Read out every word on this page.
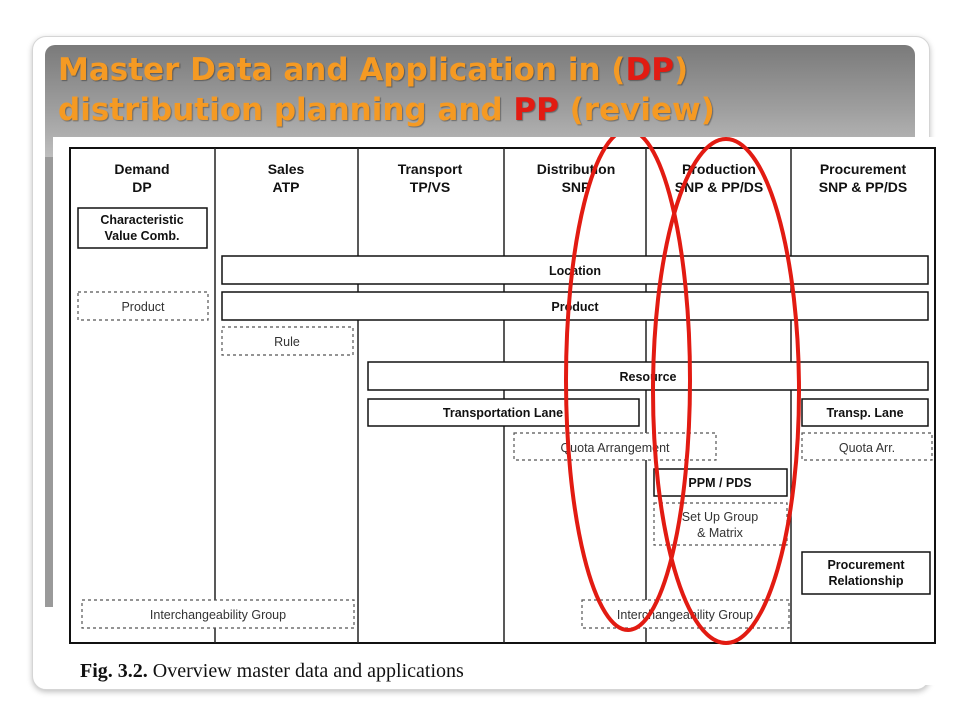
Master Data and Application in (DP)
distribution planning and PP (review)
Demand
DP
Sales
ATP
Transport
TP/VS
Distribution
SNP
Production
SNP & PP/DS
Procurement
SNP & PP/DS
Characteristic
Value Comb.
Location
Product	Product
Rule
Resource
Transportation Lane	Transp. Lane
Quota Arrangement	Quota Arr.
PPM / PDS
Set Up Group
& Matrix
Procurement
Relationship
Interchangeability Group	Interchangeability Group
Fig. 3.2. Overview master data and applications
